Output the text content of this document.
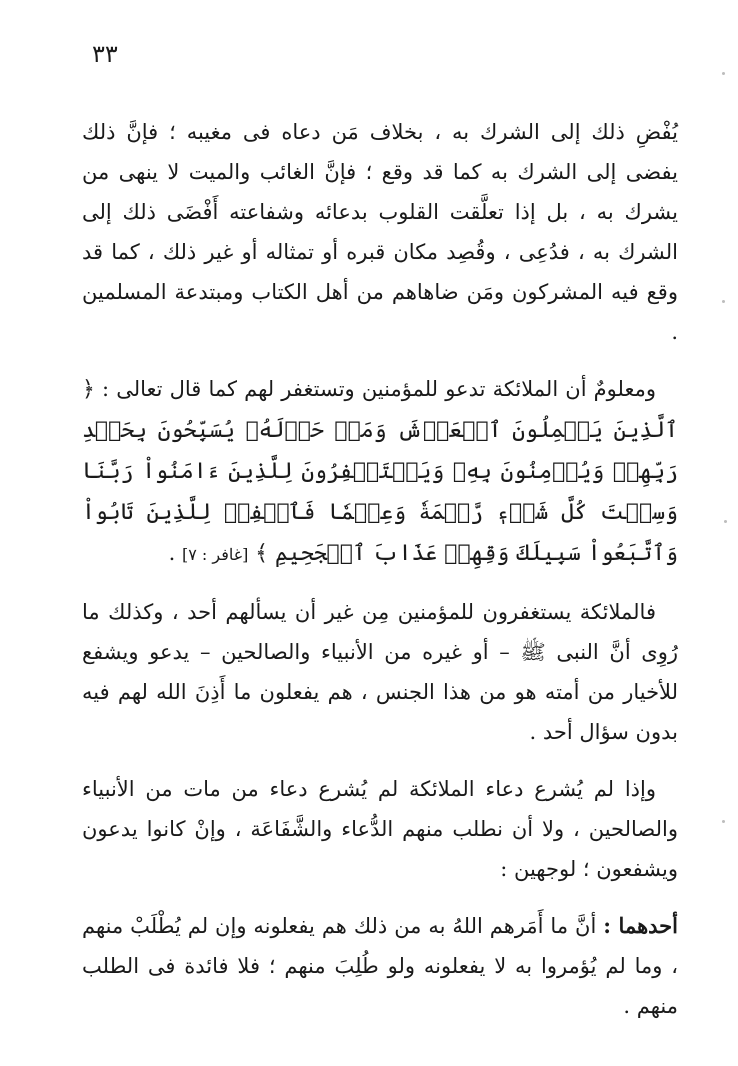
٣٣

يُفْضِ ذلك إلى الشرك به ، بخلاف مَن دعاه فى مغيبه ؛ فإنَّ ذلك يفضى إلى الشرك به كما قد وقع ؛ فإنَّ الغائب والميت لا ينهى من يشرك به ، بل إذا تعلَّقت القلوب بدعائه وشفاعته أَفْضَى ذلك إلى الشرك به ، فدُعِى ، وقُصِد مكان قبره أو تمثاله أو غير ذلك ، كما قد وقع فيه المشركون ومَن ضاهاهم من أهل الكتاب ومبتدعة المسلمين .

ومعلومٌ أن الملائكة تدعو للمؤمنين وتستغفر لهم كما قال تعالى : ﴿ ٱلَّذِينَ يَحۡمِلُونَ ٱلۡعَرۡشَ وَمَنۡ حَوۡلَهُۥ يُسَبِّحُونَ بِحَمۡدِ رَبِّهِمۡ وَيُؤۡمِنُونَ بِهِۦ وَيَسۡتَغۡفِرُونَ لِلَّذِينَ ءَامَنُواْ رَبَّنَا وَسِعۡتَ كُلَّ شَيۡءٖ رَّحۡمَةٗ وَعِلۡمٗا فَٱغۡفِرۡ لِلَّذِينَ تَابُواْ وَٱتَّبَعُواْ سَبِيلَكَ وَقِهِمۡ عَذَابَ ٱلۡجَحِيمِ ﴾ [غافر : ٧] .

فالملائكة يستغفرون للمؤمنين مِن غير أن يسألهم أحد ، وكذلك ما رُوِى أنَّ النبى ﷺ – أو غيره من الأنبياء والصالحين – يدعو ويشفع للأخيار من أمته هو من هذا الجنس ، هم يفعلون ما أَذِنَ الله لهم فيه بدون سؤال أحد .

وإذا لم يُشرع دعاء الملائكة لم يُشرع دعاء من مات من الأنبياء والصالحين ، ولا أن نطلب منهم الدُّعاء والشَّفَاعَة ، وإنْ كانوا يدعون ويشفعون ؛ لوجهين :

أحدهما : أنَّ ما أَمَرهم اللهُ به من ذلك هم يفعلونه وإن لم يُطْلَبْ منهم ، وما لم يُؤمروا به لا يفعلونه ولو طُلِبَ منهم ؛ فلا فائدة فى الطلب منهم .
